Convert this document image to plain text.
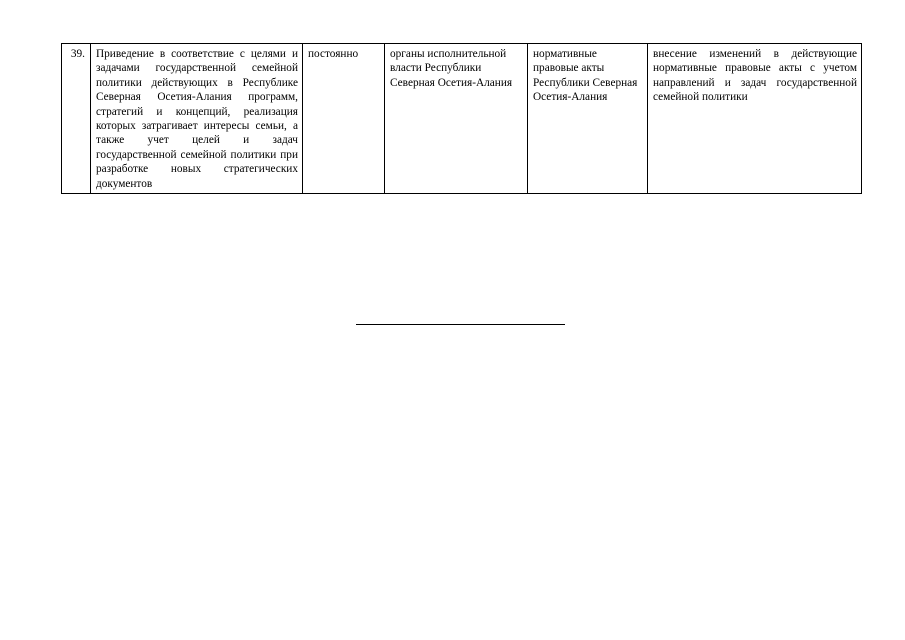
39.	Приведение в соответствие с целями и задачами государственной семейной политики действующих в Республике Северная Осетия-Алания программ, стратегий и концепций, реализация которых затрагивает интересы семьи, а также учет целей и задач государственной семейной политики при разработке новых стратегических документов	постоянно	органы исполнительной власти Республики Северная Осетия-Алания	нормативные правовые акты Республики Северная Осетия-Алания	внесение изменений в действующие нормативные правовые акты с учетом направлений и задач государственной семейной политики
